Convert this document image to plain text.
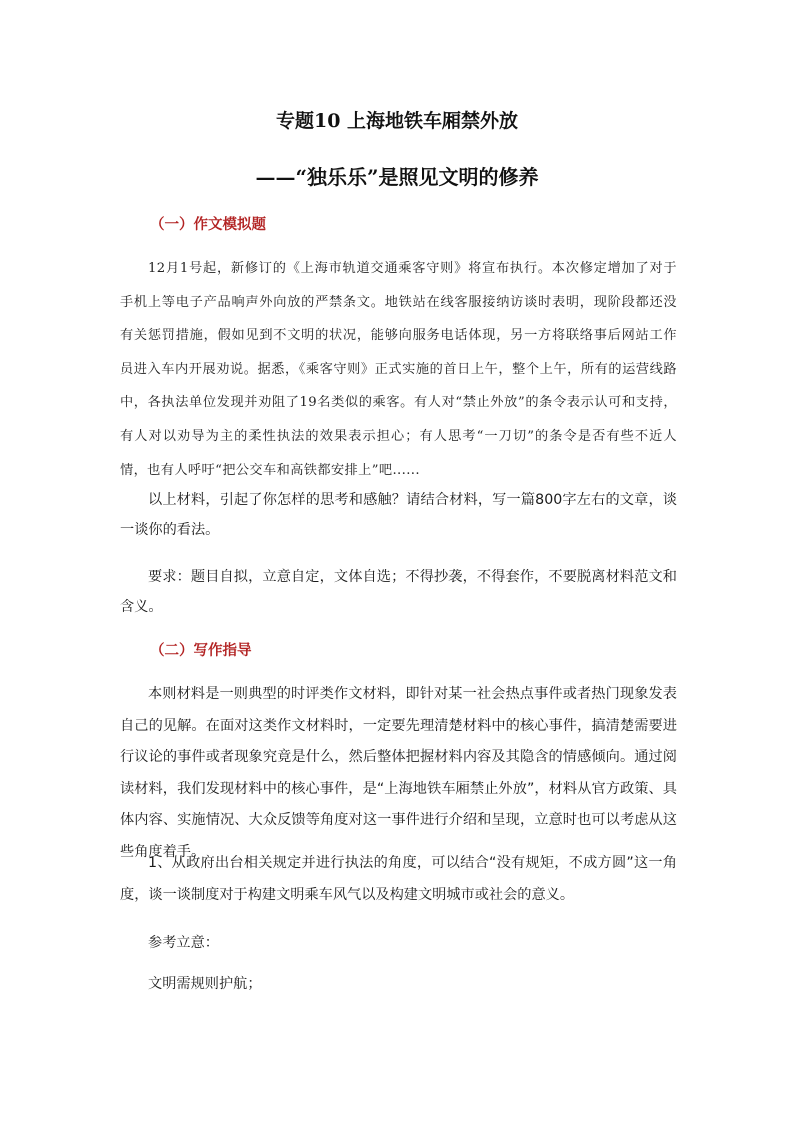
专题10 上海地铁车厢禁外放
——“独乐乐”是照见文明的修养
（一）作文模拟题
12月1号起，新修订的《上海市轨道交通乘客守则》将宣布执行。本次修定增加了对于手机上等电子产品响声外向放的严禁条文。地铁站在线客服接纳访谈时表明，现阶段都还没有关惩罚措施，假如见到不文明的状况，能够向服务电话体现，另一方将联络事后网站工作员进入车内开展劝说。据悉，《乘客守则》正式实施的首日上午，整个上午，所有的运营线路中，各执法单位发现并劝阻了19名类似的乘客。有人对“禁止外放”的条令表示认可和支持，有人对以劝导为主的柔性执法的效果表示担心；有人思考“一刀切”的条令是否有些不近人情，也有人呼吁“把公交车和高铁都安排上”吧......
以上材料，引起了你怎样的思考和感触？请结合材料，写一篇800字左右的文章，谈一谈你的看法。
要求：题目自拟，立意自定，文体自选；不得抄袭，不得套作，不要脱离材料范文和含义。
（二）写作指导
本则材料是一则典型的时评类作文材料，即针对某一社会热点事件或者热门现象发表自己的见解。在面对这类作文材料时，一定要先理清楚材料中的核心事件，搞清楚需要进行议论的事件或者现象究竟是什么，然后整体把握材料内容及其隐含的情感倾向。通过阅读材料，我们发现材料中的核心事件，是“上海地铁车厢禁止外放”，材料从官方政策、具体内容、实施情况、大众反馈等角度对这一事件进行介绍和呈现，立意时也可以考虑从这些角度着手。
1、从政府出台相关规定并进行执法的角度，可以结合“没有规矩，不成方圆”这一角度，谈一谈制度对于构建文明乘车风气以及构建文明城市或社会的意义。
参考立意：
文明需规则护航；
